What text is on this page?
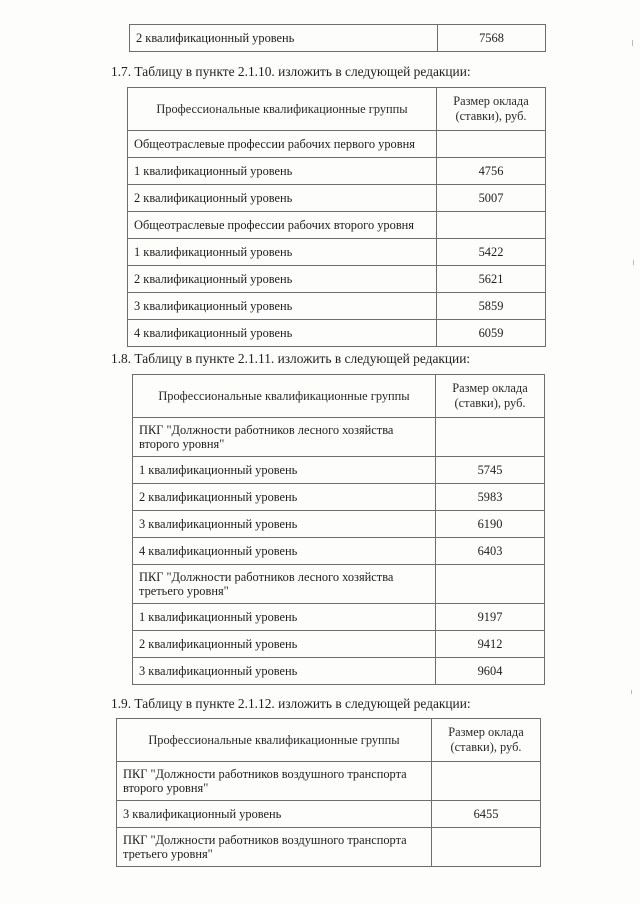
2 квалификационный уровень	7568
1.7. Таблицу в пункте 2.1.10. изложить в следующей редакции:
Профессиональные квалификационные группы	Размер оклада (ставки), руб.
Общеотраслевые профессии рабочих первого уровня	
1 квалификационный уровень	4756
2 квалификационный уровень	5007
Общеотраслевые профессии рабочих второго уровня	
1 квалификационный уровень	5422
2 квалификационный уровень	5621
3 квалификационный уровень	5859
4 квалификационный уровень	6059
1.8. Таблицу в пункте 2.1.11. изложить в следующей редакции:
Профессиональные квалификационные группы	Размер оклада (ставки), руб.
ПКГ "Должности работников лесного хозяйства второго уровня"	
1 квалификационный уровень	5745
2 квалификационный уровень	5983
3 квалификационный уровень	6190
4 квалификационный уровень	6403
ПКГ "Должности работников лесного хозяйства третьего уровня"	
1 квалификационный уровень	9197
2 квалификационный уровень	9412
3 квалификационный уровень	9604
1.9. Таблицу в пункте 2.1.12. изложить в следующей редакции:
Профессиональные квалификационные группы	Размер оклада (ставки), руб.
ПКГ "Должности работников воздушного транспорта второго уровня"	
3 квалификационный уровень	6455
ПКГ "Должности работников воздушного транспорта третьего уровня"	
